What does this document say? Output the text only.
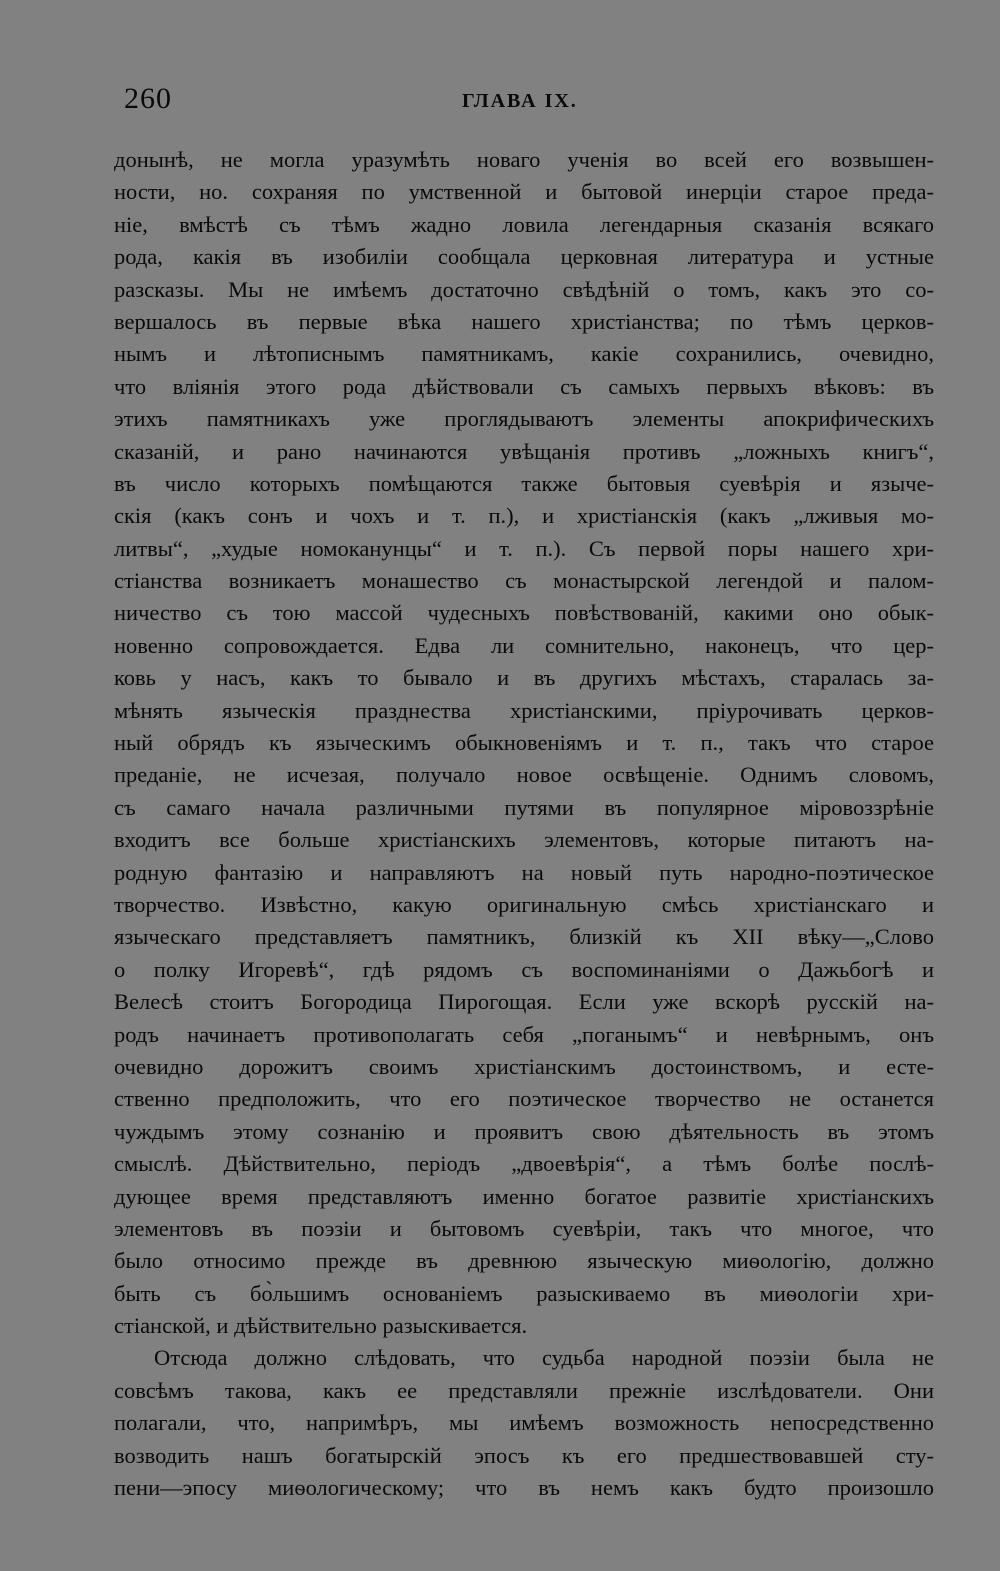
260	ГЛАВА IX.
донынѣ, не могла уразумѣть новаго ученія во всей его возвышен-
ности, но. сохраняя по умственной и бытовой инерціи старое преда-
ніе, вмѣстѣ съ тѣмъ жадно ловила легендарныя сказанія всякаго
рода, какія въ изобиліи сообщала церковная литература и устные
разсказы. Мы не имѣемъ достаточно свѣдѣній о томъ, какъ это со-
вершалось въ первые вѣка нашего христіанства; по тѣмъ церков-
нымъ и лѣтописнымъ памятникамъ, какіе сохранились, очевидно,
что вліянія этого рода дѣйствовали съ самыхъ первыхъ вѣковъ: въ
этихъ памятникахъ уже проглядываютъ элементы апокрифическихъ
сказаній, и рано начинаются увѣщанія противъ „ложныхъ книгъ“,
въ число которыхъ помѣщаются также бытовыя суевѣрія и языче-
скія (какъ сонъ и чохъ и т. п.), и христіанскія (какъ „лживыя мо-
литвы“, „худые номоканунцы“ и т. п.). Съ первой поры нашего хри-
стіанства возникаетъ монашество съ монастырской легендой и палом-
ничество съ тою массой чудесныхъ повѣствованій, какими оно обык-
новенно сопровождается. Едва ли сомнительно, наконецъ, что цер-
ковь у насъ, какъ то бывало и въ другихъ мѣстахъ, старалась за-
мѣнять языческія празднества христіанскими, пріурочивать церков-
ный обрядъ къ языческимъ обыкновеніямъ и т. п., такъ что старое
преданіе, не исчезая, получало новое освѣщеніе. Однимъ словомъ,
съ самаго начала различными путями въ популярное міровоззрѣніе
входитъ все больше христіанскихъ элементовъ, которые питаютъ на-
родную фантазію и направляютъ на новый путь народно-поэтическое
творчество. Извѣстно, какую оригинальную смѣсь христіанскаго и
языческаго представляетъ памятникъ, близкій къ XII вѣку—„Слово
о полку Игоревѣ“, гдѣ рядомъ съ воспоминаніями о Дажьбогѣ и
Велесѣ стоитъ Богородица Пирогощая. Если уже вскорѣ русскій на-
родъ начинаетъ противополагать себя „поганымъ“ и невѣрнымъ, онъ
очевидно дорожитъ своимъ христіанскимъ достоинствомъ, и есте-
ственно предположить, что его поэтическое творчество не останется
чуждымъ этому сознанію и проявитъ свою дѣятельность въ этомъ
смыслѣ. Дѣйствительно, періодъ „двоевѣрія“, а тѣмъ болѣе послѣ-
дующее время представляютъ именно богатое развитіе христіанскихъ
элементовъ въ поэзіи и бытовомъ суевѣріи, такъ что многое, что
было относимо прежде въ древнюю языческую миѳологію, должно
быть съ бо̀льшимъ основаніемъ разыскиваемо въ миѳологіи хри-
стіанской, и дѣйствительно разыскивается.
Отсюда должно слѣдовать, что судьба народной поэзіи была не
совсѣмъ такова, какъ ее представляли прежніе изслѣдователи. Они
полагали, что, напримѣръ, мы имѣемъ возможность непосредственно
возводить нашъ богатырскій эпосъ къ его предшествовавшей сту-
пени—эпосу миѳологическому; что въ немъ какъ будто произошло
